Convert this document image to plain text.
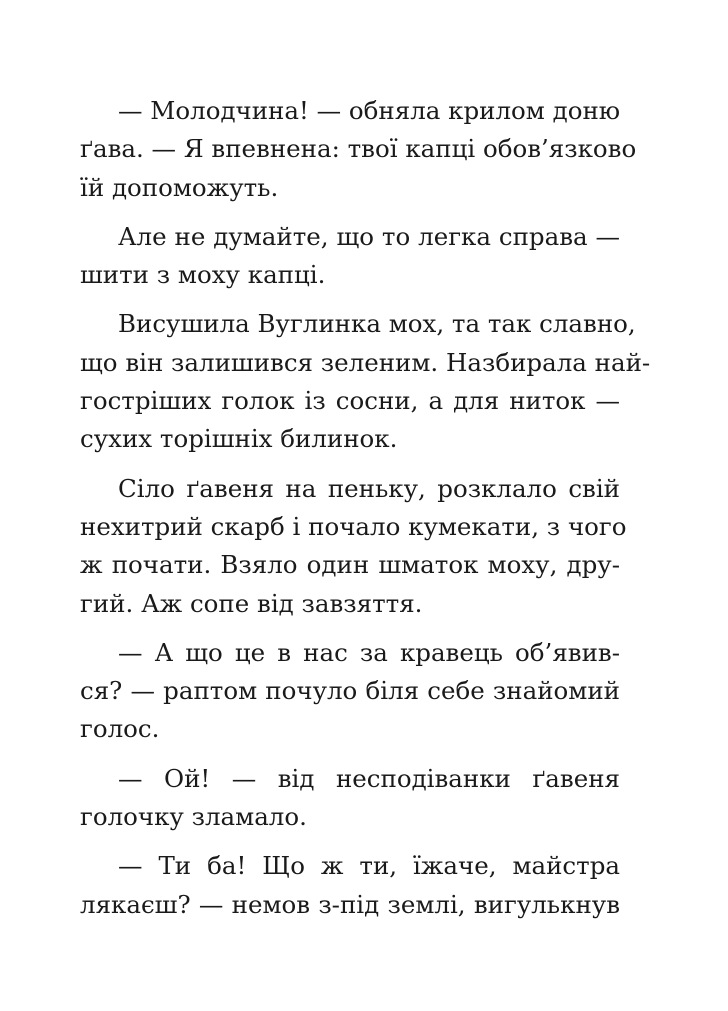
— Молодчина! — обняла крилом доню
ґава. — Я впевнена: твої капці обов’язково
їй допоможуть.

Але не думайте, що то легка справа —
шити з моху капці.

Висушила Вуглинка мох, та так славно,
що він залишився зеленим. Назбирала най-
гостріших голок із сосни, а для ниток —
сухих торішніх билинок.

Сіло ґавеня на пеньку, розклало свій
нехитрий скарб і почало кумекати, з чого
ж почати. Взяло один шматок моху, дру-
гий. Аж сопе від завзяття.

— А що це в нас за кравець об’явив-
ся? — раптом почуло біля себе знайомий
голос.

— Ой! — від несподіванки ґавеня
голочку зламало.

— Ти ба! Що ж ти, їжаче, майстра
лякаєш? — немов з-під землі, вигулькнув
